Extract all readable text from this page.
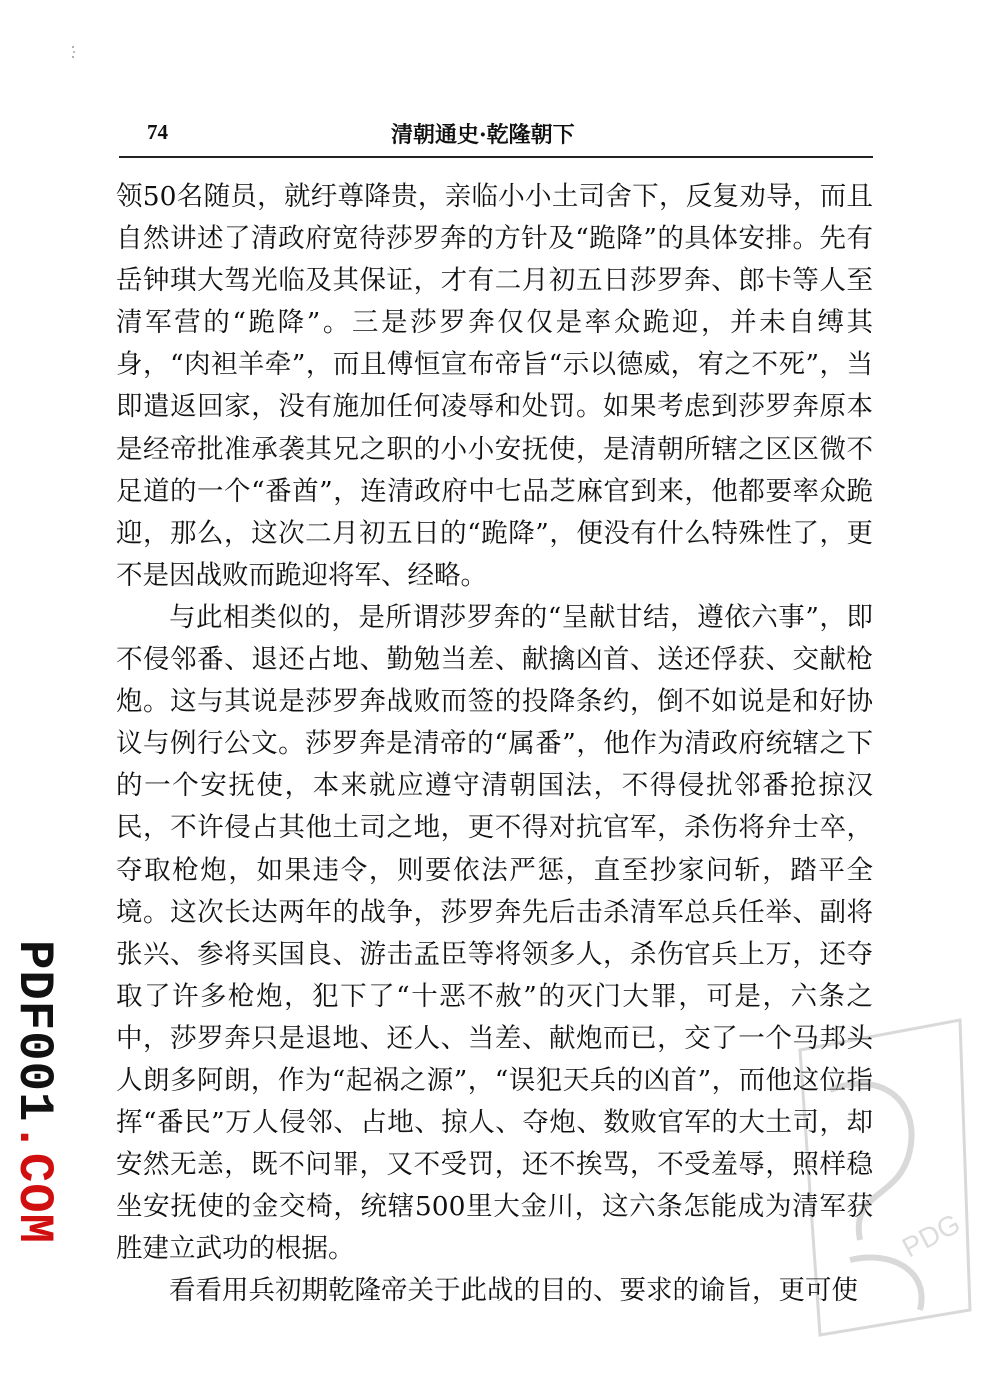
74	清朝通史·乾隆朝下

领50名随员，就纡尊降贵，亲临小小土司舍下，反复劝导，而且自然讲述了清政府宽待莎罗奔的方针及“跪降”的具体安排。先有岳钟琪大驾光临及其保证，才有二月初五日莎罗奔、郎卡等人至清军营的“跪降”。三是莎罗奔仅仅是率众跪迎，并未自缚其身，“肉袒羊牵”，而且傅恒宣布帝旨“示以德威，宥之不死”，当即遣返回家，没有施加任何凌辱和处罚。如果考虑到莎罗奔原本是经帝批准承袭其兄之职的小小安抚使，是清朝所辖之区区微不足道的一个“番酋”，连清政府中七品芝麻官到来，他都要率众跪迎，那么，这次二月初五日的“跪降”，便没有什么特殊性了，更不是因战败而跪迎将军、经略。

与此相类似的，是所谓莎罗奔的“呈献甘结，遵依六事”，即不侵邻番、退还占地、勤勉当差、献擒凶首、送还俘获、交献枪炮。这与其说是莎罗奔战败而签的投降条约，倒不如说是和好协议与例行公文。莎罗奔是清帝的“属番”，他作为清政府统辖之下的一个安抚使，本来就应遵守清朝国法，不得侵扰邻番抢掠汉民，不许侵占其他土司之地，更不得对抗官军，杀伤将弁士卒，夺取枪炮，如果违令，则要依法严惩，直至抄家问斩，踏平全境。这次长达两年的战争，莎罗奔先后击杀清军总兵任举、副将张兴、参将买国良、游击孟臣等将领多人，杀伤官兵上万，还夺取了许多枪炮，犯下了“十恶不赦”的灭门大罪，可是，六条之中，莎罗奔只是退地、还人、当差、献炮而已，交了一个马邦头人朗多阿朗，作为“起祸之源”，“误犯天兵的凶首”，而他这位指挥“番民”万人侵邻、占地、掠人、夺炮、数败官军的大土司，却安然无恙，既不问罪，又不受罚，还不挨骂，不受羞辱，照样稳坐安抚使的金交椅，统辖500里大金川，这六条怎能成为清军获胜建立武功的根据。

看看用兵初期乾隆帝关于此战的目的、要求的谕旨，更可使

PDF001.COM	PDG
